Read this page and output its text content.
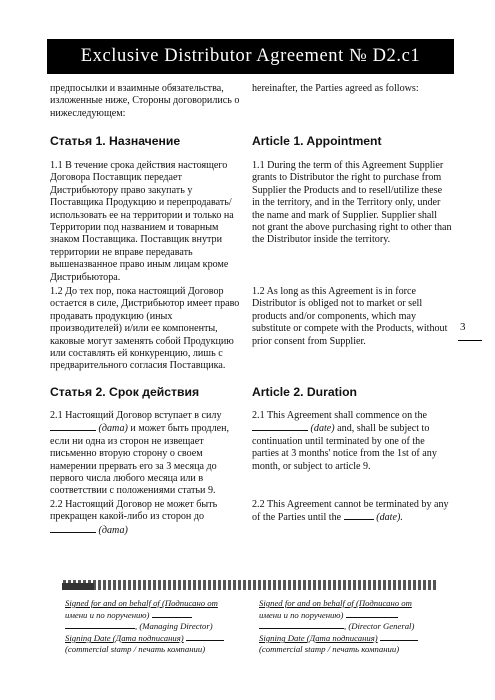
Exclusive Distributor Agreement № D2.c1

предпосылки и взаимные обязательства, изложенные ниже, Стороны договорились о нижеследующем:

Статья 1. Назначение

1.1 В течение срока действия настоящего Договора Поставщик передает Дистрибьютору право закупать у Поставщика Продукцию и перепродавать/использовать ее на территории и только на Территории под названием и товарным знаком Поставщика. Поставщик внутри территории не вправе передавать вышеназванное право иным лицам кроме Дистрибьютора.

1.2 До тех пор, пока настоящий Договор остается в силе, Дистрибьютор имеет право продавать продукцию (иных производителей) и/или ее компоненты, каковые могут заменять собой Продукцию или составлять ей конкуренцию, лишь с предварительного согласия Поставщика.

Статья 2. Срок действия

2.1 Настоящий Договор вступает в силу  (дата) и может быть продлен, если ни одна из сторон не извещает письменно вторую сторону о своем намерении прервать его за 3 месяца до первого числа любого месяца или в соответствии с положениями статьи 9.

2.2 Настоящий Договор не может быть прекращен какой-либо из сторон до  (дата)

hereinafter, the Parties agreed as follows:

Article 1. Appointment

1.1 During the term of this Agreement Supplier grants to Distributor the right to purchase from Supplier the Products and to resell/utilize these in the territory, and in the Territory only, under the name and mark of Supplier. Supplier shall not grant the above purchasing right to other than the Distributor inside the territory.

1.2 As long as this Agreement is in force Distributor is obliged not to market or sell products and/or components, which may substitute or compete with the Products, without prior consent from Supplier.

Article 2. Duration

2.1 This Agreement shall commence on the  (date) and, shall be subject to continuation until terminated by one of the parties at 3 months' notice from the 1st of any month, or subject to article 9.

2.2 This Agreement cannot be terminated by any of the Parties until the	(date).

3
Signed for and on behalf of (Подписано от
имени и по поручению)
, (Managing Director)
Signing Date (Дата подписания)
(commercial stamp / печать компании)
Signed for and on behalf of (Подписано от
имени и по поручению)
, (Director General)
Signing Date (Дата подписания)
(commercial stamp / печать компании)
